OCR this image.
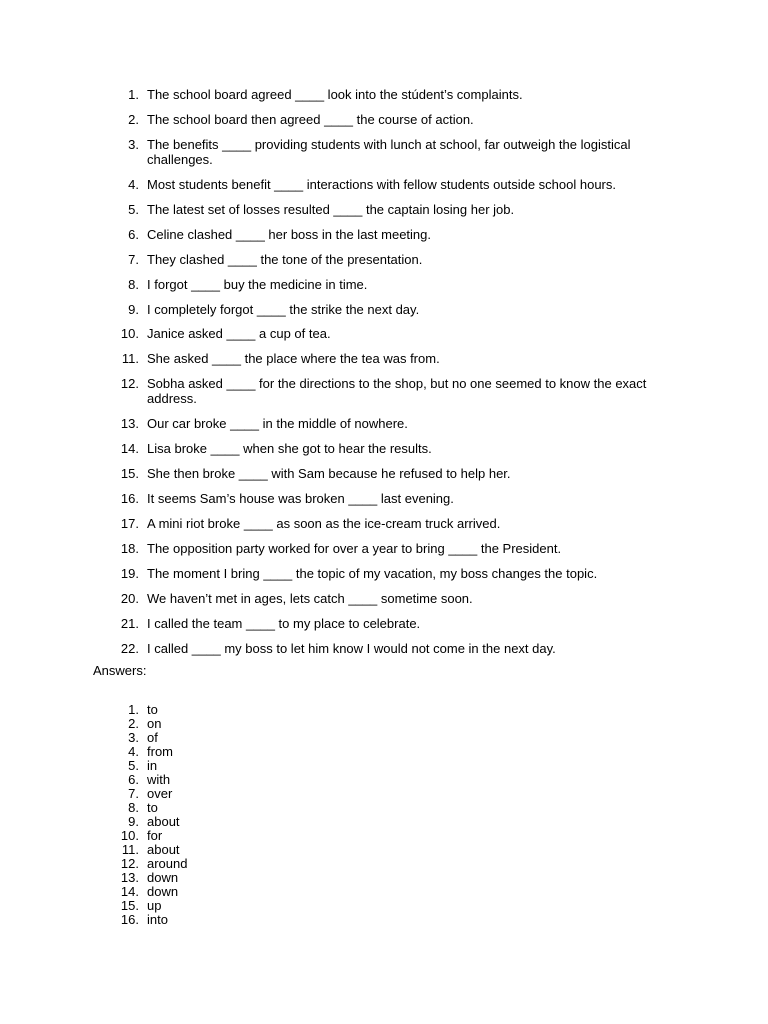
1. The school board agreed ____ look into the stúdent’s complaints.
2. The school board then agreed ____ the course of action.
3. The benefits ____ providing students with lunch at school, far outweigh the logistical challenges.
4. Most students benefit ____ interactions with fellow students outside school hours.
5. The latest set of losses resulted ____ the captain losing her job.
6. Celine clashed ____ her boss in the last meeting.
7. They clashed ____ the tone of the presentation.
8. I forgot ____ buy the medicine in time.
9. I completely forgot ____ the strike the next day.
10. Janice asked ____ a cup of tea.
11. She asked ____ the place where the tea was from.
12. Sobha asked ____ for the directions to the shop, but no one seemed to know the exact address.
13. Our car broke ____ in the middle of nowhere.
14. Lisa broke ____ when she got to hear the results.
15. She then broke ____ with Sam because he refused to help her.
16. It seems Sam’s house was broken ____ last evening.
17. A mini riot broke ____ as soon as the ice-cream truck arrived.
18. The opposition party worked for over a year to bring ____ the President.
19. The moment I bring ____ the topic of my vacation, my boss changes the topic.
20. We haven’t met in ages, lets catch ____ sometime soon.
21. I called the team ____ to my place to celebrate.
22. I called ____ my boss to let him know I would not come in the next day.
Answers:
1. to
2. on
3. of
4. from
5. in
6. with
7. over
8. to
9. about
10. for
11. about
12. around
13. down
14. down
15. up
16. into
